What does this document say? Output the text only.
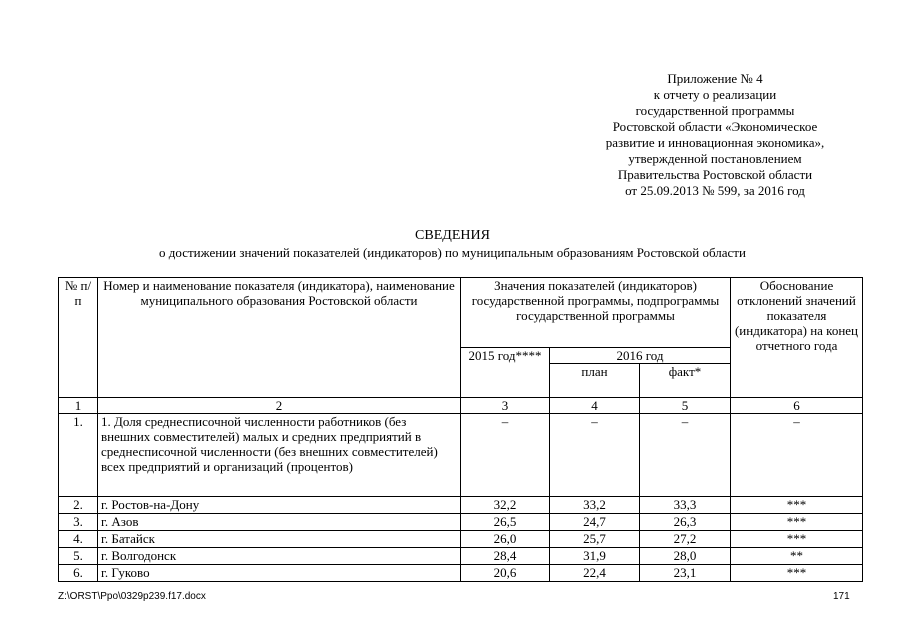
Приложение № 4
к отчету о реализации
государственной программы
Ростовской области «Экономическое
развитие и инновационная экономика»,
утвержденной постановлением
Правительства Ростовской области
от 25.09.2013 № 599, за 2016 год
СВЕДЕНИЯ
о достижении значений показателей (индикаторов) по муниципальным образованиям Ростовской области
№ п/п	Номер и наименование показателя (индикатора), наименование муниципального образования Ростовской области	Значения показателей (индикаторов) государственной программы, подпрограммы государственной программы			Обоснование отклонений значений показателя (индикатора) на конец отчетного года
		2015 год****	2016 год		
			план	факт*	
1	2	3	4	5	6
1.	1. Доля среднесписочной численности работников (без внешних совместителей) малых и средних предприятий в среднесписочной численности (без внешних совместителей) всех предприятий и организаций (процентов)	–	–	–	–
2.	г. Ростов-на-Дону	32,2	33,2	33,3	***
3.	г. Азов	26,5	24,7	26,3	***
4.	г. Батайск	26,0	25,7	27,2	***
5.	г. Волгодонск	28,4	31,9	28,0	**
6.	г. Гуково	20,6	22,4	23,1	***
Z:\ORST\Ppo\0329p239.f17.docx	171
